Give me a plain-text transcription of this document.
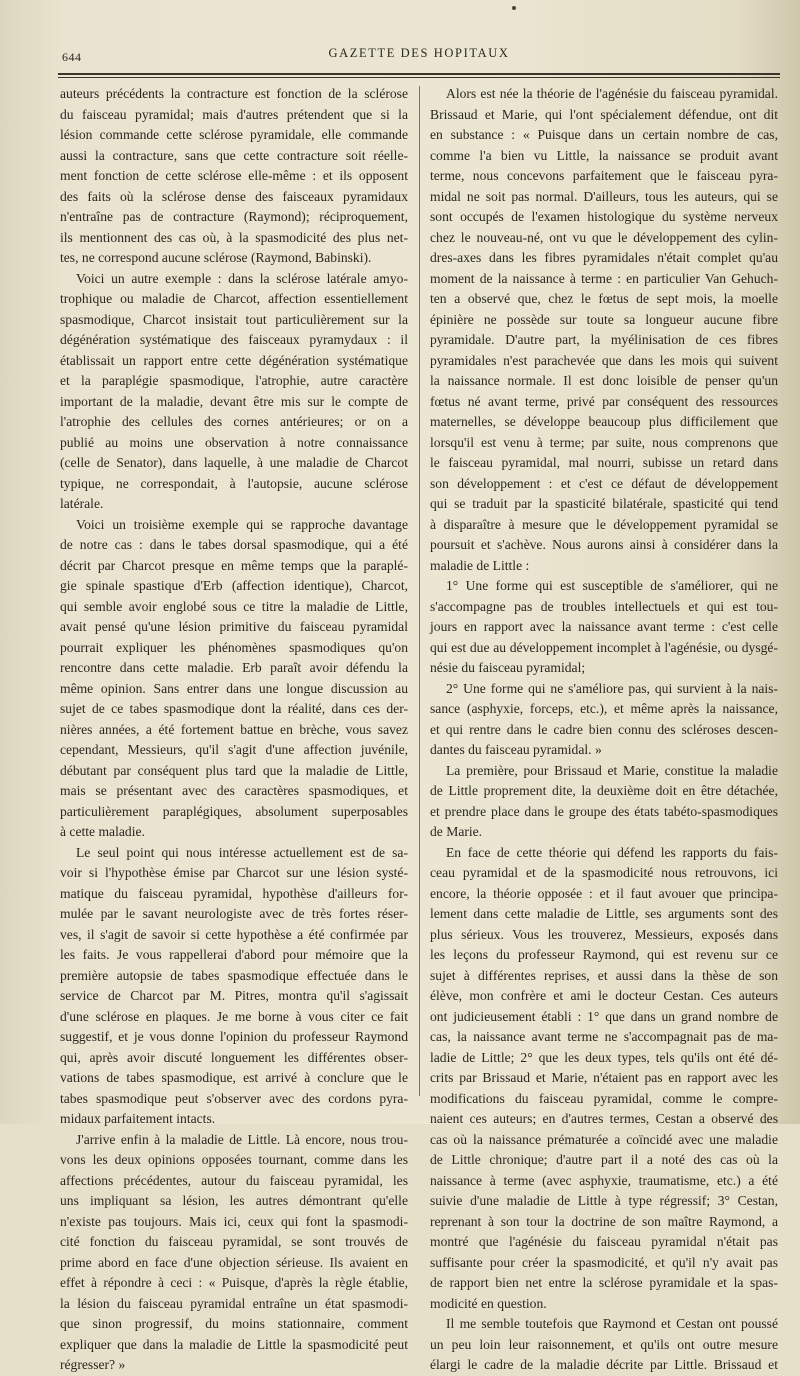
644	GAZETTE DES HOPITAUX
auteurs précédents la contracture est fonction de la sclérose
du faisceau pyramidal; mais d'autres prétendent que si la
lésion commande cette sclérose pyramidale, elle commande
aussi la contracture, sans que cette contracture soit réelle-
ment fonction de cette sclérose elle-même : et ils opposent
des faits où la sclérose dense des faisceaux pyramidaux
n'entraîne pas de contracture (Raymond); réciproquement,
ils mentionnent des cas où, à la spasmodicité des plus net-
tes, ne correspond aucune sclérose (Raymond, Babinski).
Voici un autre exemple : dans la sclérose latérale amyo-
trophique ou maladie de Charcot, affection essentiellement
spasmodique, Charcot insistait tout particulièrement sur la
dégénération systématique des faisceaux pyramydaux : il
établissait un rapport entre cette dégénération systématique
et la paraplégie spasmodique, l'atrophie, autre caractère
important de la maladie, devant être mis sur le compte de
l'atrophie des cellules des cornes antérieures; or on a
publié au moins une observation à notre connaissance
(celle de Senator), dans laquelle, à une maladie de Charcot
typique, ne correspondait, à l'autopsie, aucune sclérose
latérale.
Voici un troisième exemple qui se rapproche davantage
de notre cas : dans le tabes dorsal spasmodique, qui a été
décrit par Charcot presque en même temps que la paraplé-
gie spinale spastique d'Erb (affection identique), Charcot,
qui semble avoir englobé sous ce titre la maladie de Little,
avait pensé qu'une lésion primitive du faisceau pyramidal
pourrait expliquer les phénomènes spasmodiques qu'on
rencontre dans cette maladie. Erb paraît avoir défendu la
même opinion. Sans entrer dans une longue discussion au
sujet de ce tabes spasmodique dont la réalité, dans ces der-
nières années, a été fortement battue en brèche, vous savez
cependant, Messieurs, qu'il s'agit d'une affection juvénile,
débutant par conséquent plus tard que la maladie de Little,
mais se présentant avec des caractères spasmodiques, et
particulièrement paraplégiques, absolument superposables
à cette maladie.
Le seul point qui nous intéresse actuellement est de sa-
voir si l'hypothèse émise par Charcot sur une lésion systé-
matique du faisceau pyramidal, hypothèse d'ailleurs for-
mulée par le savant neurologiste avec de très fortes réser-
ves, il s'agit de savoir si cette hypothèse a été confirmée par
les faits. Je vous rappellerai d'abord pour mémoire que la
première autopsie de tabes spasmodique effectuée dans le
service de Charcot par M. Pitres, montra qu'il s'agissait
d'une sclérose en plaques. Je me borne à vous citer ce fait
suggestif, et je vous donne l'opinion du professeur Raymond
qui, après avoir discuté longuement les différentes obser-
vations de tabes spasmodique, est arrivé à conclure que le
tabes spasmodique peut s'observer avec des cordons pyra-
midaux parfaitement intacts.
J'arrive enfin à la maladie de Little. Là encore, nous trou-
vons les deux opinions opposées tournant, comme dans les
affections précédentes, autour du faisceau pyramidal, les
uns impliquant sa lésion, les autres démontrant qu'elle
n'existe pas toujours. Mais ici, ceux qui font la spasmodi-
cité fonction du faisceau pyramidal, se sont trouvés de
prime abord en face d'une objection sérieuse. Ils avaient en
effet à répondre à ceci : « Puisque, d'après la règle établie,
la lésion du faisceau pyramidal entraîne un état spasmodi-
que sinon progressif, du moins stationnaire, comment
expliquer que dans la maladie de Little la spasmodicité peut
régresser? »
Alors est née la théorie de l'agénésie du faisceau pyramidal.
Brissaud et Marie, qui l'ont spécialement défendue, ont dit
en substance : « Puisque dans un certain nombre de cas,
comme l'a bien vu Little, la naissance se produit avant
terme, nous concevons parfaitement que le faisceau pyra-
midal ne soit pas normal. D'ailleurs, tous les auteurs, qui se
sont occupés de l'examen histologique du système nerveux
chez le nouveau-né, ont vu que le développement des cylin-
dres-axes dans les fibres pyramidales n'était complet qu'au
moment de la naissance à terme : en particulier Van Gehuch-
ten a observé que, chez le fœtus de sept mois, la moelle
épinière ne possède sur toute sa longueur aucune fibre
pyramidale. D'autre part, la myélinisation de ces fibres
pyramidales n'est parachevée que dans les mois qui suivent
la naissance normale. Il est donc loisible de penser qu'un
fœtus né avant terme, privé par conséquent des ressources
maternelles, se développe beaucoup plus difficilement que
lorsqu'il est venu à terme; par suite, nous comprenons que
le faisceau pyramidal, mal nourri, subisse un retard dans
son développement : et c'est ce défaut de développement
qui se traduit par la spasticité bilatérale, spasticité qui tend
à disparaître à mesure que le développement pyramidal se
poursuit et s'achève. Nous aurons ainsi à considérer dans la
maladie de Little :
1° Une forme qui est susceptible de s'améliorer, qui ne
s'accompagne pas de troubles intellectuels et qui est tou-
jours en rapport avec la naissance avant terme : c'est celle
qui est due au développement incomplet à l'agénésie, ou dysgé-
nésie du faisceau pyramidal;
2° Une forme qui ne s'améliore pas, qui survient à la nais-
sance (asphyxie, forceps, etc.), et même après la naissance,
et qui rentre dans le cadre bien connu des scléroses descen-
dantes du faisceau pyramidal. »
La première, pour Brissaud et Marie, constitue la maladie
de Little proprement dite, la deuxième doit en être détachée,
et prendre place dans le groupe des états tabéto-spasmodiques
de Marie.
En face de cette théorie qui défend les rapports du fais-
ceau pyramidal et de la spasmodicité nous retrouvons, ici
encore, la théorie opposée : et il faut avouer que principa-
lement dans cette maladie de Little, ses arguments sont des
plus sérieux. Vous les trouverez, Messieurs, exposés dans
les leçons du professeur Raymond, qui est revenu sur ce
sujet à différentes reprises, et aussi dans la thèse de son
élève, mon confrère et ami le docteur Cestan. Ces auteurs
ont judicieusement établi : 1° que dans un grand nombre de
cas, la naissance avant terme ne s'accompagnait pas de ma-
ladie de Little; 2° que les deux types, tels qu'ils ont été dé-
crits par Brissaud et Marie, n'étaient pas en rapport avec les
modifications du faisceau pyramidal, comme le compre-
naient ces auteurs; en d'autres termes, Cestan a observé des
cas où la naissance prématurée a coïncidé avec une maladie
de Little chronique; d'autre part il a noté des cas où la
naissance à terme (avec asphyxie, traumatisme, etc.) a été
suivie d'une maladie de Little à type régressif; 3° Cestan,
reprenant à son tour la doctrine de son maître Raymond, a
montré que l'agénésie du faisceau pyramidal n'était pas
suffisante pour créer la spasmodicité, et qu'il n'y avait pas
de rapport bien net entre la sclérose pyramidale et la spas-
modicité en question.
Il me semble toutefois que Raymond et Cestan ont poussé
un peu loin leur raisonnement, et qu'ils ont outre mesure
élargi le cadre de la maladie décrite par Little. Brissaud et
